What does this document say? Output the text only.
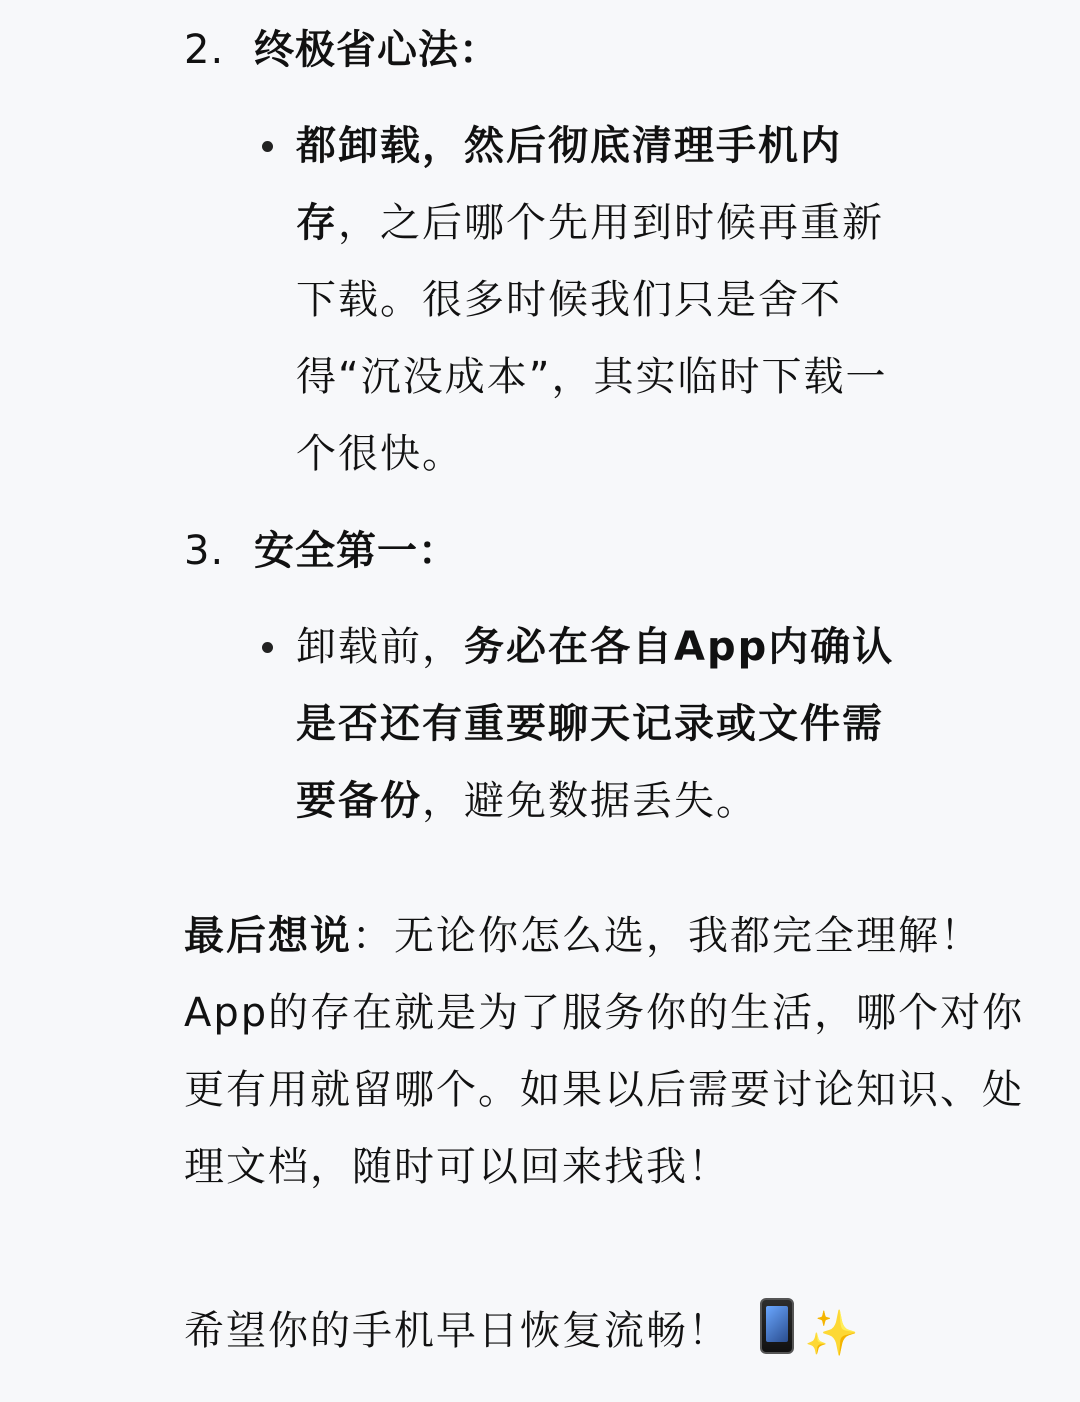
2. 终极省心法：
都卸载，然后彻底清理手机内存，之后哪个先用到时候再重新下载。很多时候我们只是舍不得“沉没成本”，其实临时下载一个很快。
3. 安全第一：
卸载前，务必在各自App内确认是否还有重要聊天记录或文件需要备份，避免数据丢失。
最后想说：无论你怎么选，我都完全理解！App的存在就是为了服务你的生活，哪个对你更有用就留哪个。如果以后需要讨论知识、处理文档，随时可以回来找我！
希望你的手机早日恢复流畅！ ✨
